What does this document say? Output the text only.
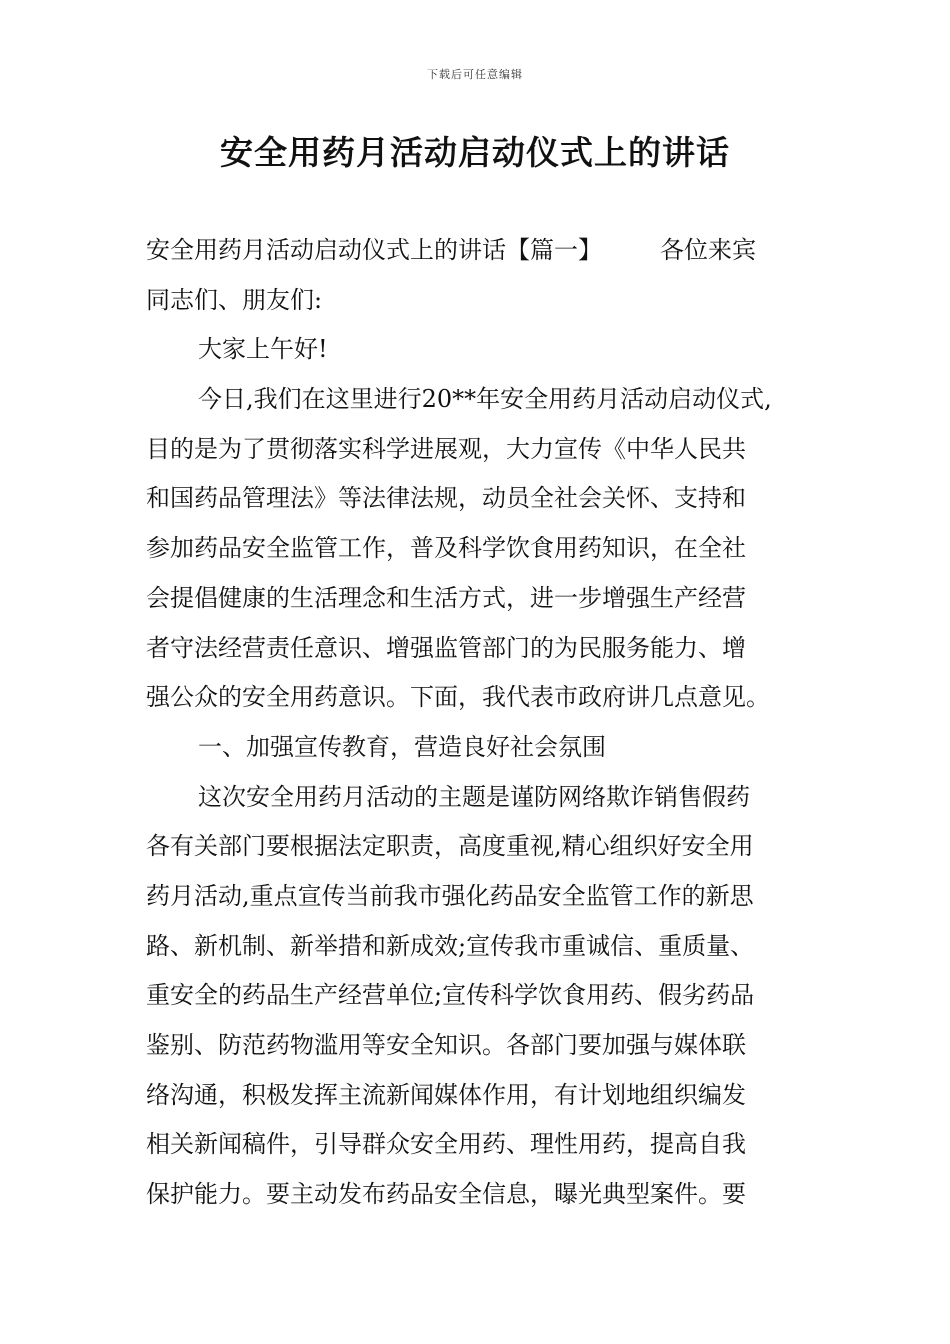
下载后可任意编辑
安全用药月活动启动仪式上的讲话
安全用药月活动启动仪式上的讲话【篇一】 各位来宾
同志们、朋友们:
大家上午好!
今日,我们在这里进行20**年安全用药月活动启动仪式,
目的是为了贯彻落实科学进展观，大力宣传《中华人民共
和国药品管理法》等法律法规，动员全社会关怀、支持和
参加药品安全监管工作，普及科学饮食用药知识，在全社
会提倡健康的生活理念和生活方式，进一步增强生产经营
者守法经营责任意识、增强监管部门的为民服务能力、增
强公众的安全用药意识。下面，我代表市政府讲几点意见。
一、加强宣传教育，营造良好社会氛围
这次安全用药月活动的主题是谨防网络欺诈销售假药
各有关部门要根据法定职责，高度重视,精心组织好安全用
药月活动,重点宣传当前我市强化药品安全监管工作的新思
路、新机制、新举措和新成效;宣传我市重诚信、重质量、
重安全的药品生产经营单位;宣传科学饮食用药、假劣药品
鉴别、防范药物滥用等安全知识。各部门要加强与媒体联
络沟通，积极发挥主流新闻媒体作用，有计划地组织编发
相关新闻稿件，引导群众安全用药、理性用药，提高自我
保护能力。要主动发布药品安全信息，曝光典型案件。要
